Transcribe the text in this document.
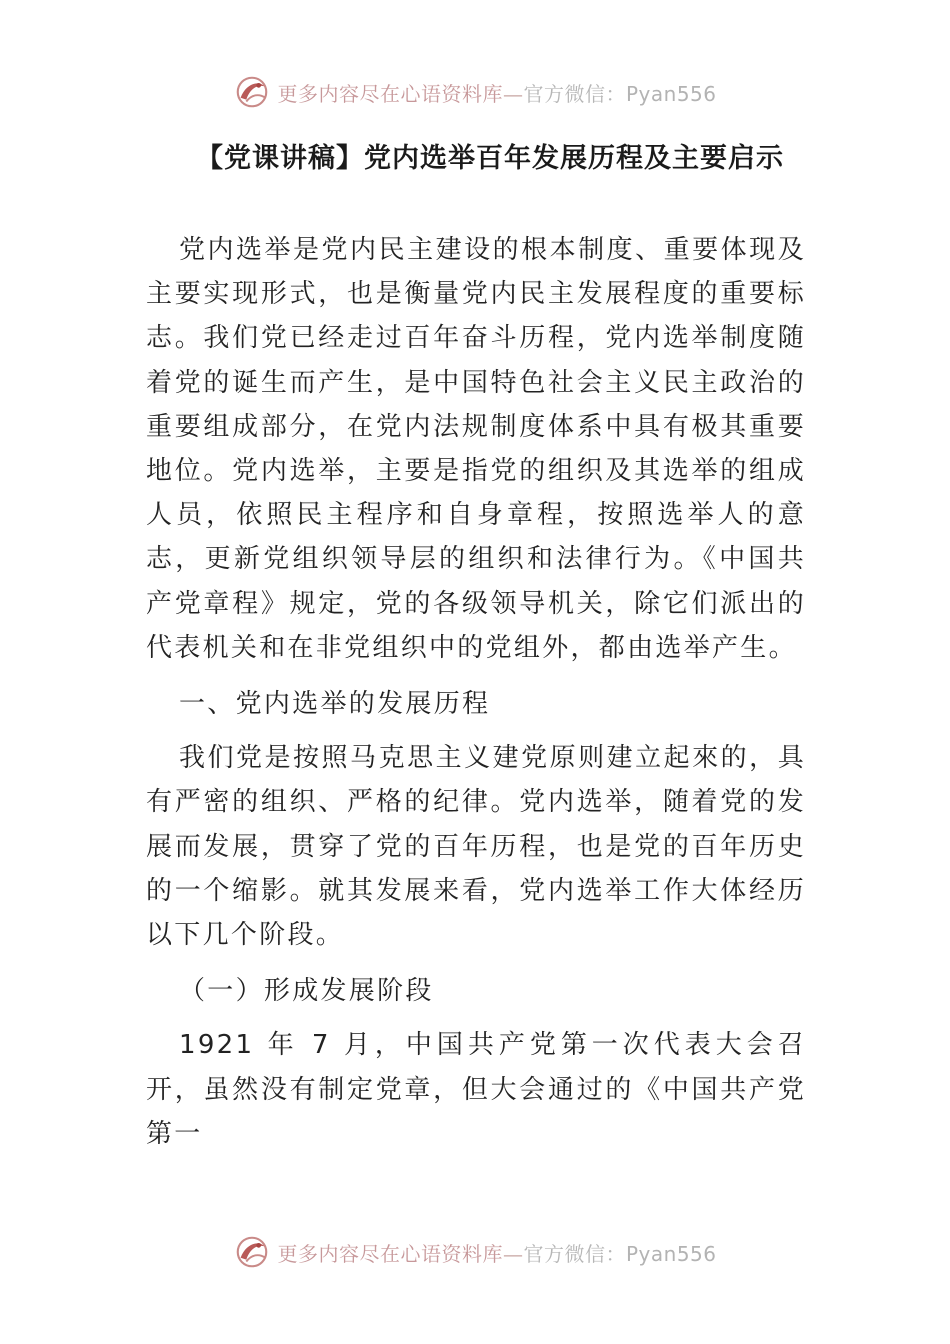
更多内容尽在心语资料库—官方微信：Pyan556
【党课讲稿】党内选举百年发展历程及主要启示

党内选举是党内民主建设的根本制度、重要体现及主要实现形式，也是衡量党内民主发展程度的重要标志。我们党已经走过百年奋斗历程，党内选举制度随着党的诞生而产生，是中国特色社会主义民主政治的重要组成部分，在党内法规制度体系中具有极其重要地位。党内选举，主要是指党的组织及其选举的组成人员，依照民主程序和自身章程，按照选举人的意志，更新党组织领导层的组织和法律行为。《中国共产党章程》规定，党的各级领导机关，除它们派出的代表机关和在非党组织中的党组外，都由选举产生。

一、党内选举的发展历程

我们党是按照马克思主义建党原则建立起來的，具有严密的组织、严格的纪律。党内选举，随着党的发展而发展，贯穿了党的百年历程，也是党的百年历史的一个缩影。就其发展来看，党内选举工作大体经历以下几个阶段。

（一）形成发展阶段

1921 年 7 月，中国共产党第一次代表大会召开，虽然没有制定党章，但大会通过的《中国共产党第一

更多内容尽在心语资料库—官方微信：Pyan556
